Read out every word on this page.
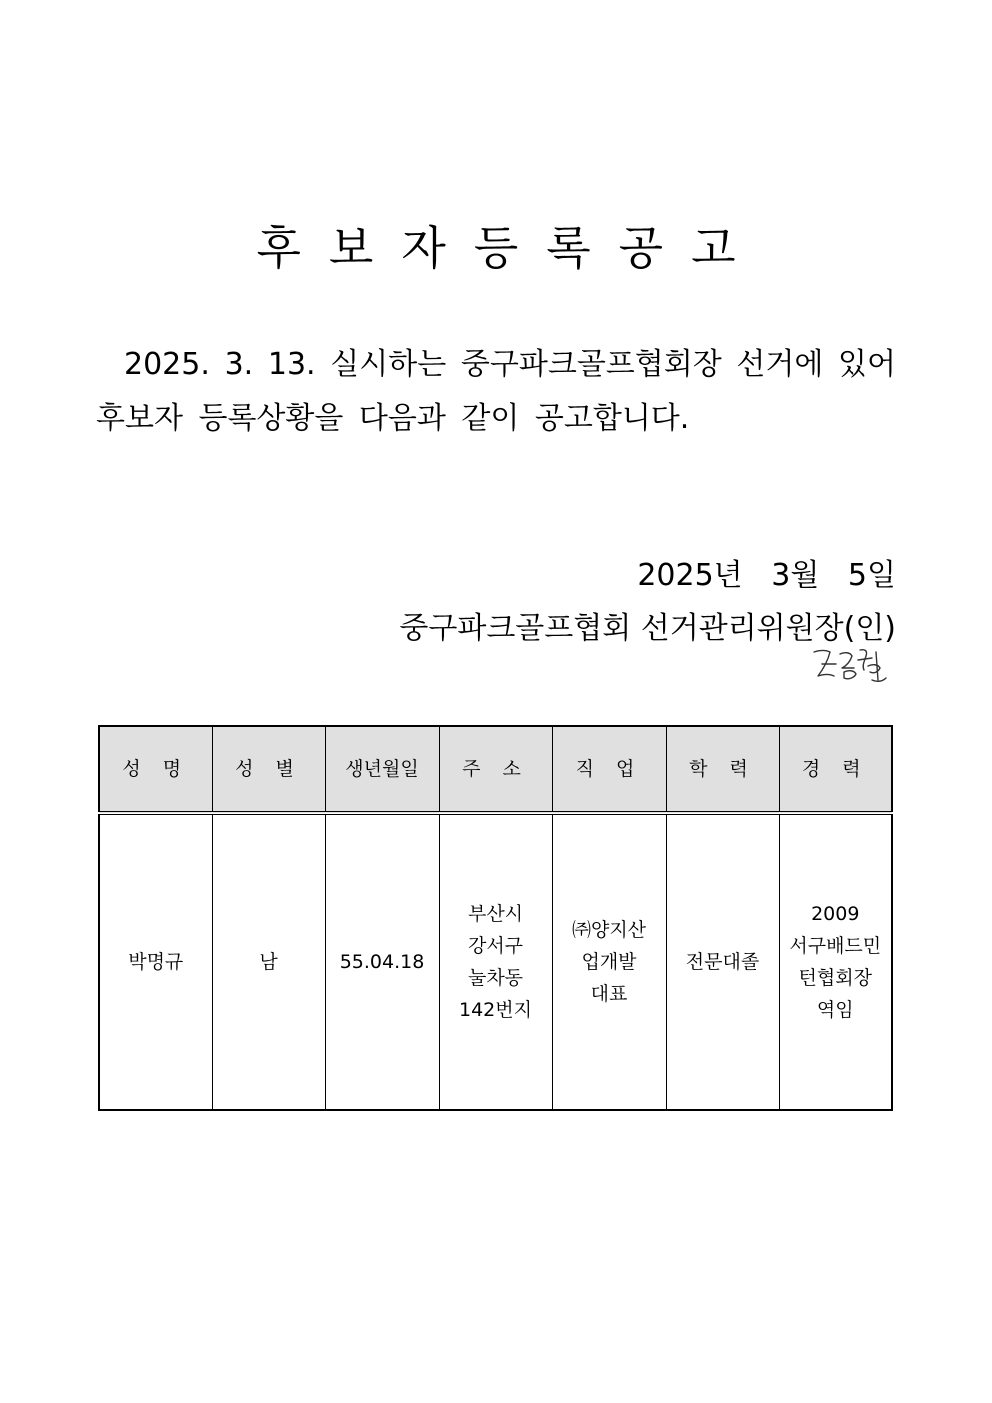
후보자등록공고
2025. 3. 13. 실시하는 중구파크골프협회장 선거에 있어
후보자 등록상황을 다음과 같이 공고합니다.
2025년   3월   5일
중구파크골프협회 선거관리위원장(인)
성 명	성 별	생년월일	주 소	직 업	학 력	경 력
박명규	남	55.04.18	부산시
강서구
눌차동
142번지	㈜양지산
업개발
대표	전문대졸	2009
서구배드민
턴협회장
역임
